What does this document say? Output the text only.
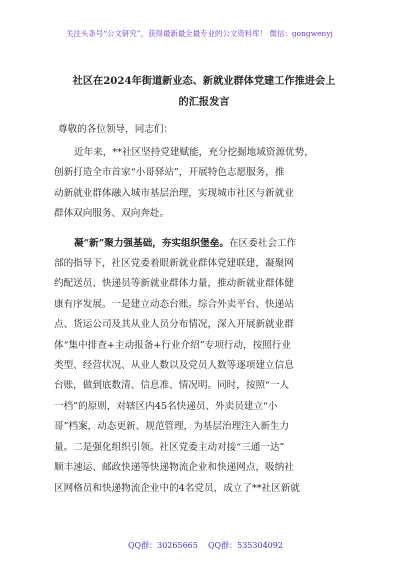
关注头条号“公文研究”，获得最新最全最专业的公文资料库！ 微信：gongwenyj
社区在2024年街道新业态、新就业群体党建工作推进会上
的汇报发言
尊敬的各位领导，同志们：

近年来，**社区坚持党建赋能，充分挖掘地域资源优势，
创新打造全市首家“小哥驿站”，开展特色志愿服务，推
动新就业群体融入城市基层治理，实现城市社区与新就业
群体双向服务、双向奔赴。

凝“新”聚力强基础，夯实组织堡垒。在区委社会工作
部的指导下，社区党委着眼新就业群体党建联建，凝聚网
约配送员、快递员等新就业群体力量，推动新就业群体健
康有序发展。一是建立动态台账。综合外卖平台、快递站
点、货运公司及其从业人员分布情况，深入开展新就业群
体“集中排查+主动报备+行业介绍”专项行动，按照行业
类型、经营状况、从业人数以及党员人数等逐项建立信息
台账，做到底数清、信息准、情况明。同时，按照“一人
一档”的原则，对辖区内45名快递员、外卖员建立“小
哥”档案，动态更新、规范管理，为基层治理注入新生力
量。二是强化组织引领。社区党委主动对接“三通一达”
顺丰速运、邮政快递等快递物流企业和快递网点，吸纳社
区网格员和快递物流企业中的4名党员，成立了**社区新就

QQ群：30265665 QQ群：535304092
